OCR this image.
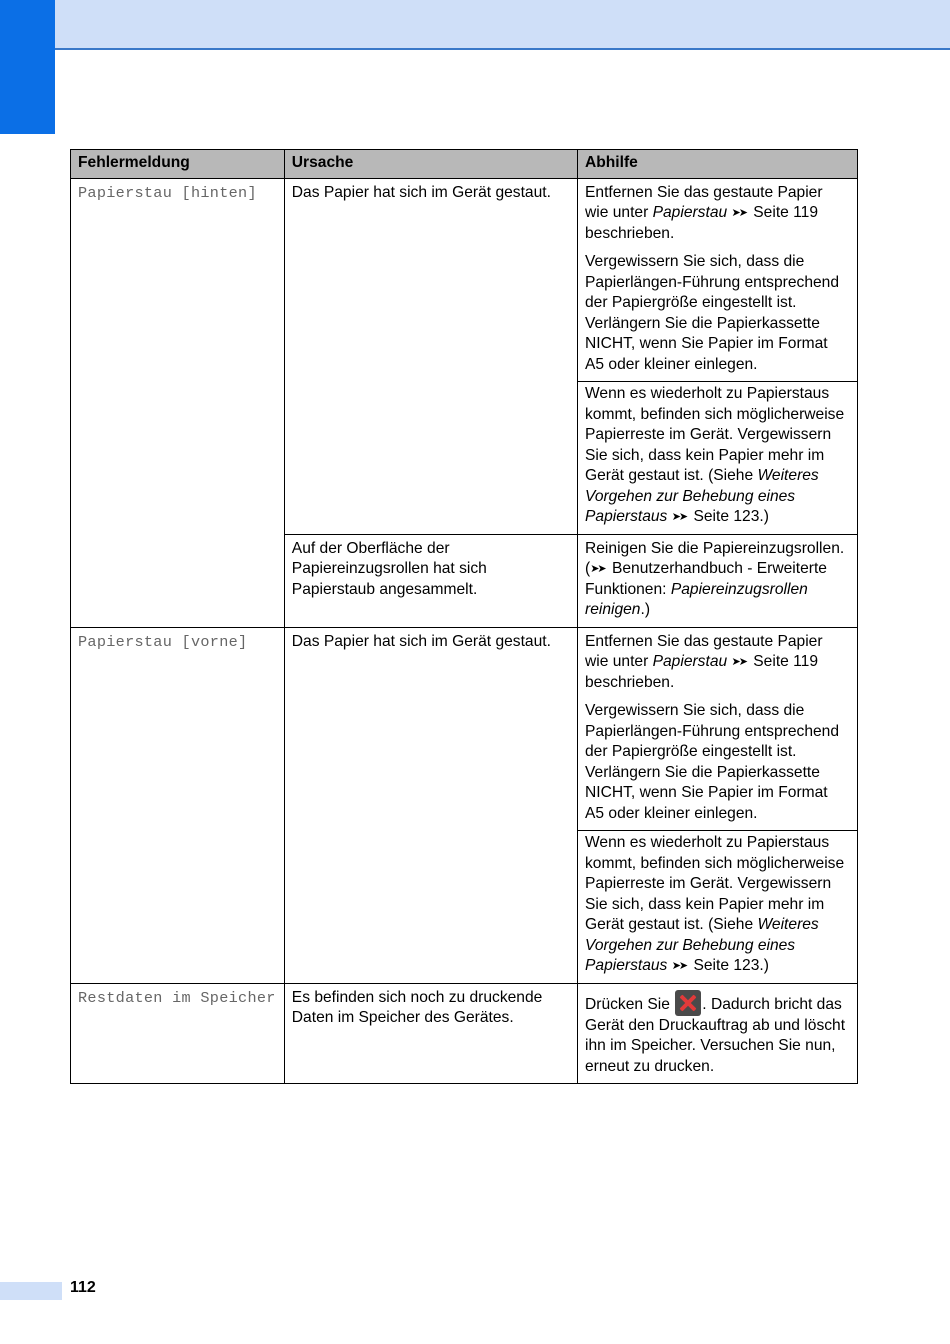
Fehlermeldung	Ursache	Abhilfe
Papierstau [hinten]	Das Papier hat sich im Gerät gestaut.	Entfernen Sie das gestaute Papier wie unter Papierstau ➤➤ Seite 119 beschrieben.
Vergewissern Sie sich, dass die Papierlängen-Führung entsprechend der Papiergröße eingestellt ist. Verlängern Sie die Papierkassette NICHT, wenn Sie Papier im Format A5 oder kleiner einlegen.
Wenn es wiederholt zu Papierstaus kommt, befinden sich möglicherweise Papierreste im Gerät. Vergewissern Sie sich, dass kein Papier mehr im Gerät gestaut ist. (Siehe Weiteres Vorgehen zur Behebung eines Papierstaus ➤➤ Seite 123.)

	Auf der Oberfläche der Papiereinzugsrollen hat sich Papierstaub angesammelt.	Reinigen Sie die Papiereinzugsrollen. (➤➤ Benutzerhandbuch - Erweiterte Funktionen: Papiereinzugsrollen reinigen.)

Papierstau [vorne]	Das Papier hat sich im Gerät gestaut.	Entfernen Sie das gestaute Papier wie unter Papierstau ➤➤ Seite 119 beschrieben.
Vergewissern Sie sich, dass die Papierlängen-Führung entsprechend der Papiergröße eingestellt ist. Verlängern Sie die Papierkassette NICHT, wenn Sie Papier im Format A5 oder kleiner einlegen.
Wenn es wiederholt zu Papierstaus kommt, befinden sich möglicherweise Papierreste im Gerät. Vergewissern Sie sich, dass kein Papier mehr im Gerät gestaut ist. (Siehe Weiteres Vorgehen zur Behebung eines Papierstaus ➤➤ Seite 123.)

Restdaten im Speicher	Es befinden sich noch zu druckende Daten im Speicher des Gerätes.	Drücken Sie . Dadurch bricht das Gerät den Druckauftrag ab und löscht ihn im Speicher. Versuchen Sie nun, erneut zu drucken.
112
